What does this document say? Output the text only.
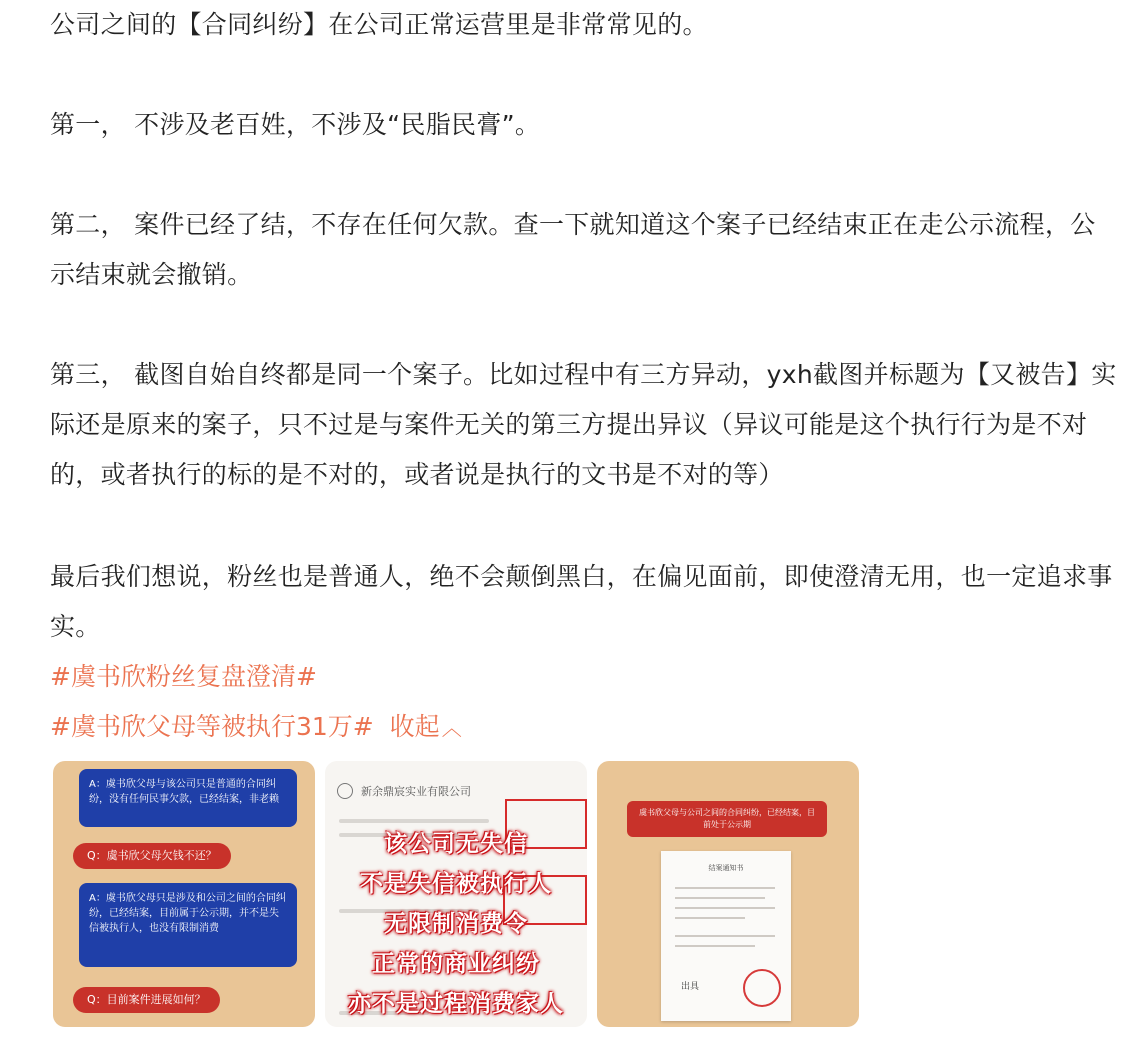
公司之间的【合同纠纷】在公司正常运营里是非常常见的。

第一， 不涉及老百姓，不涉及“民脂民膏”。

第二， 案件已经了结，不存在任何欠款。查一下就知道这个案子已经结束正在走公示流程，公示结束就会撤销。

第三， 截图自始自终都是同一个案子。比如过程中有三方异动，yxh截图并标题为【又被告】实际还是原来的案子，只不过是与案件无关的第三方提出异议（异议可能是这个执行行为是不对的，或者执行的标的是不对的，或者说是执行的文书是不对的等）

最后我们想说，粉丝也是普通人，绝不会颠倒黑白，在偏见面前，即使澄清无用，也一定追求事实。

#虞书欣粉丝复盘澄清#
#虞书欣父母等被执行31万# 收起 ︿
A：虞书欣父母与该公司只是普通的合同纠纷，没有任何民事欠款，已经结案，非老赖
Q：虞书欣父母欠钱不还？
A：虞书欣父母只是涉及和公司之间的合同纠纷，已经结案，目前属于公示期，并不是失信被执行人，也没有限制消费
Q：目前案件进展如何？
新余鼎宸实业有限公司
该公司无失信
不是失信被执行人
无限制消费令
正常的商业纠纷
亦不是过程消费家人
虞书欣父母与公司之间的合同纠纷，已经结案，目前处于公示期
结案通知书
出具
